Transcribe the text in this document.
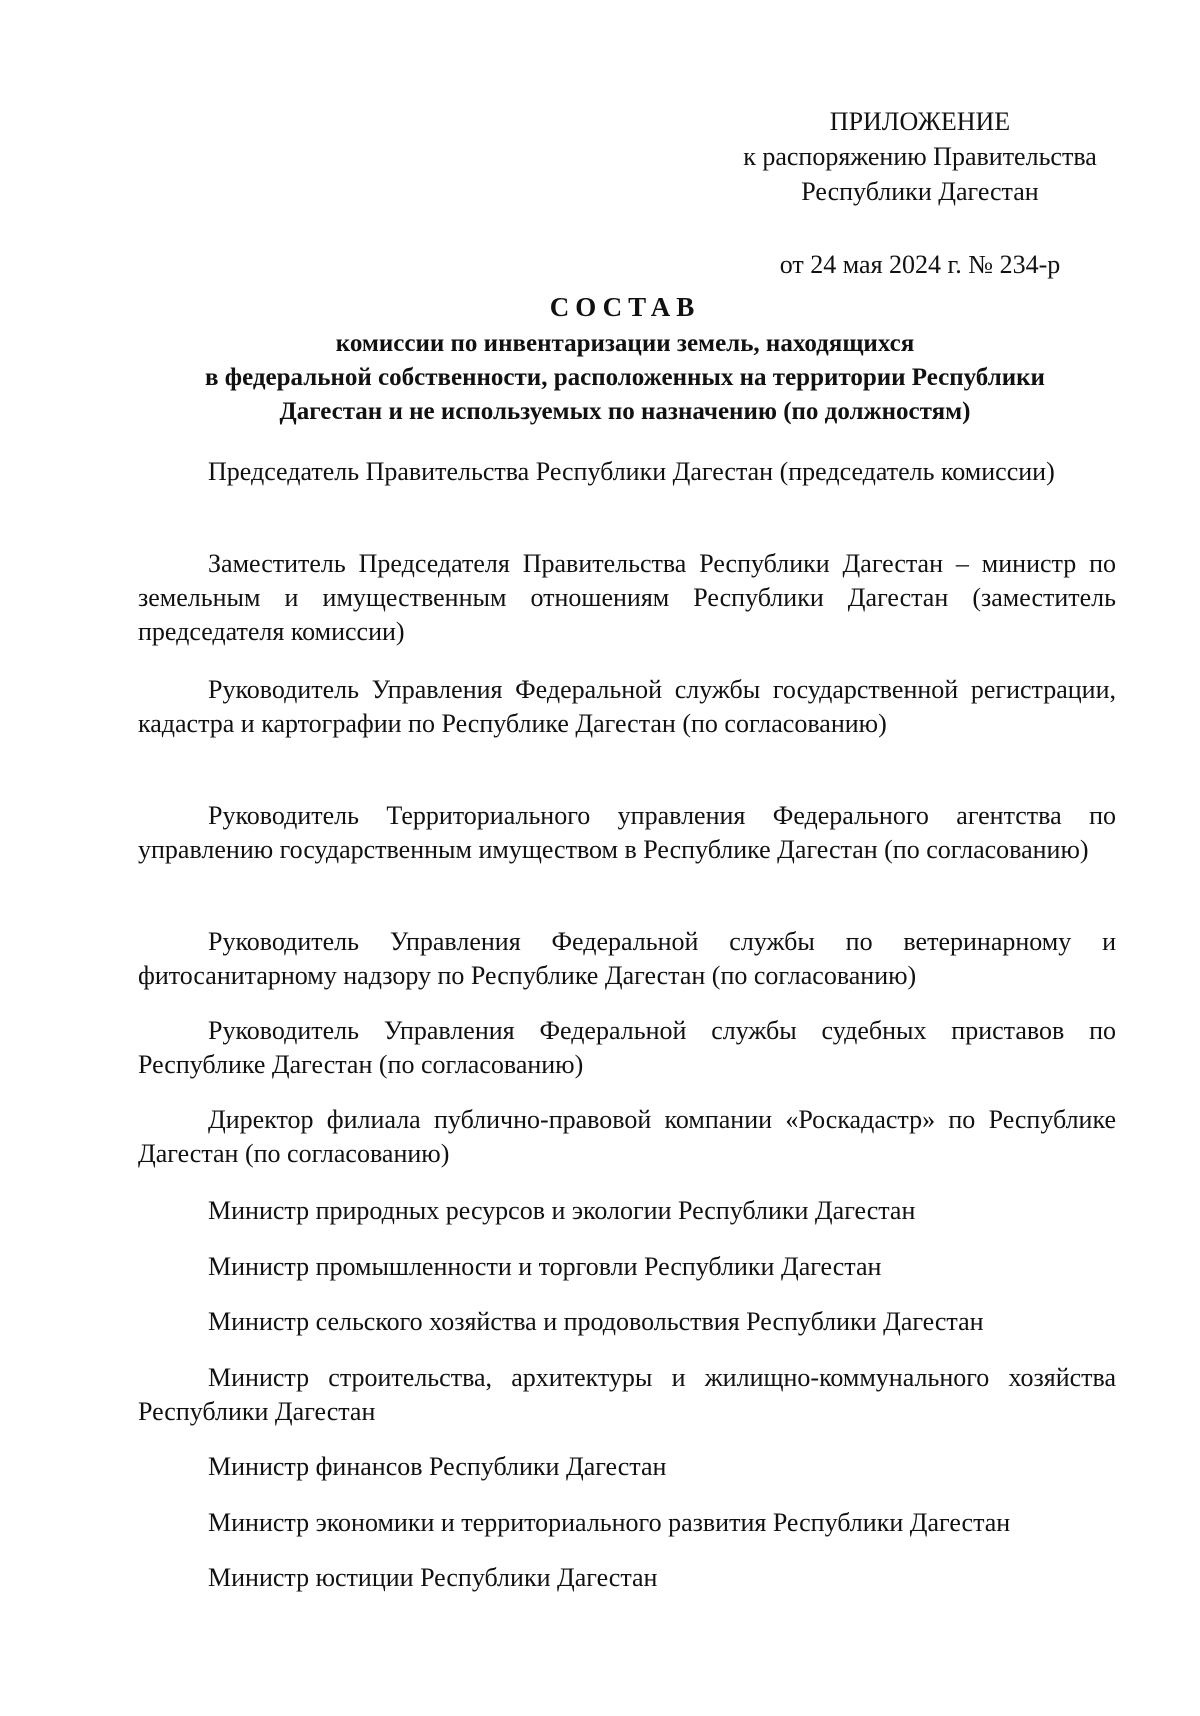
ПРИЛОЖЕНИЕ
к распоряжению Правительства
Республики Дагестан
от 24 мая 2024 г. № 234-р
СОСТАВ
комиссии по инвентаризации земель, находящихся
в федеральной собственности, расположенных на территории Республики
Дагестан и не используемых по назначению (по должностям)
Председатель Правительства Республики Дагестан (председатель комиссии)
Заместитель Председателя Правительства Республики Дагестан – министр по земельным и имущественным отношениям Республики Дагестан (заместитель председателя комиссии)
Руководитель Управления Федеральной службы государственной регистрации, кадастра и картографии по Республике Дагестан (по согласованию)
Руководитель Территориального управления Федерального агентства по управлению государственным имуществом в Республике Дагестан (по согласованию)
Руководитель Управления Федеральной службы по ветеринарному и фитосанитарному надзору по Республике Дагестан (по согласованию)
Руководитель Управления Федеральной службы судебных приставов по Республике Дагестан (по согласованию)
Директор филиала публично-правовой компании «Роскадастр» по Республике Дагестан (по согласованию)
Министр природных ресурсов и экологии Республики Дагестан
Министр промышленности и торговли Республики Дагестан
Министр сельского хозяйства и продовольствия Республики Дагестан
Министр строительства, архитектуры и жилищно-коммунального хозяйства Республики Дагестан
Министр финансов Республики Дагестан
Министр экономики и территориального развития Республики Дагестан
Министр юстиции Республики Дагестан
